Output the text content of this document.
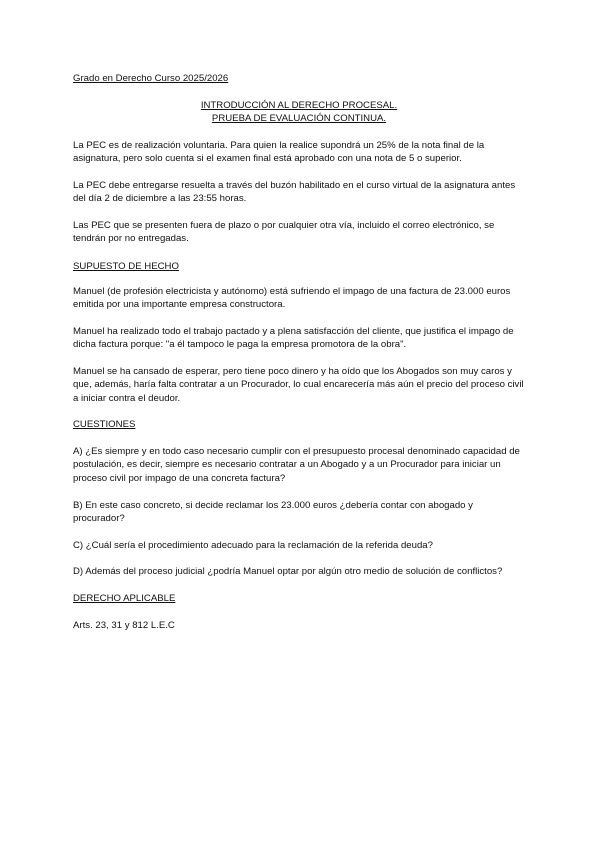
Grado en Derecho Curso 2025/2026

INTRODUCCIÓN AL DERECHO PROCESAL.

PRUEBA DE EVALUACIÓN CONTINUA.

La PEC es de realización voluntaria. Para quien la realice supondrá un 25% de la nota final de la asignatura, pero solo cuenta si el examen final está aprobado con una nota de 5 o superior.

La PEC debe entregarse resuelta a través del buzón habilitado en el curso virtual de la asignatura antes del día 2 de diciembre a las 23:55 horas.

Las PEC que se presenten fuera de plazo o por cualquier otra vía, incluido el correo electrónico, se tendrán por no entregadas.

SUPUESTO DE HECHO

Manuel (de profesión electricista y autónomo) está sufriendo el impago de una factura de 23.000 euros emitida por una importante empresa constructora.

Manuel ha realizado todo el trabajo pactado y a plena satisfacción del cliente, que justifica el impago de dicha factura porque: "a él tampoco le paga la empresa promotora de la obra".

Manuel se ha cansado de esperar, pero tiene poco dinero y ha oído que los Abogados son muy caros y que, además, haría falta contratar a un Procurador, lo cual encarecería más aún el precio del proceso civil a iniciar contra el deudor.

CUESTIONES

A) ¿Es siempre y en todo caso necesario cumplir con el presupuesto procesal denominado capacidad de postulación, es decir, siempre es necesario contratar a un Abogado y a un Procurador para iniciar un proceso civil por impago de una concreta factura?

B) En este caso concreto, si decide reclamar los 23.000 euros ¿debería contar con abogado y procurador?

C) ¿Cuál sería el procedimiento adecuado para la reclamación de la referida deuda?

D) Además del proceso judicial ¿podría Manuel optar por algún otro medio de solución de conflictos?

DERECHO APLICABLE

Arts. 23, 31 y 812 L.E.C
